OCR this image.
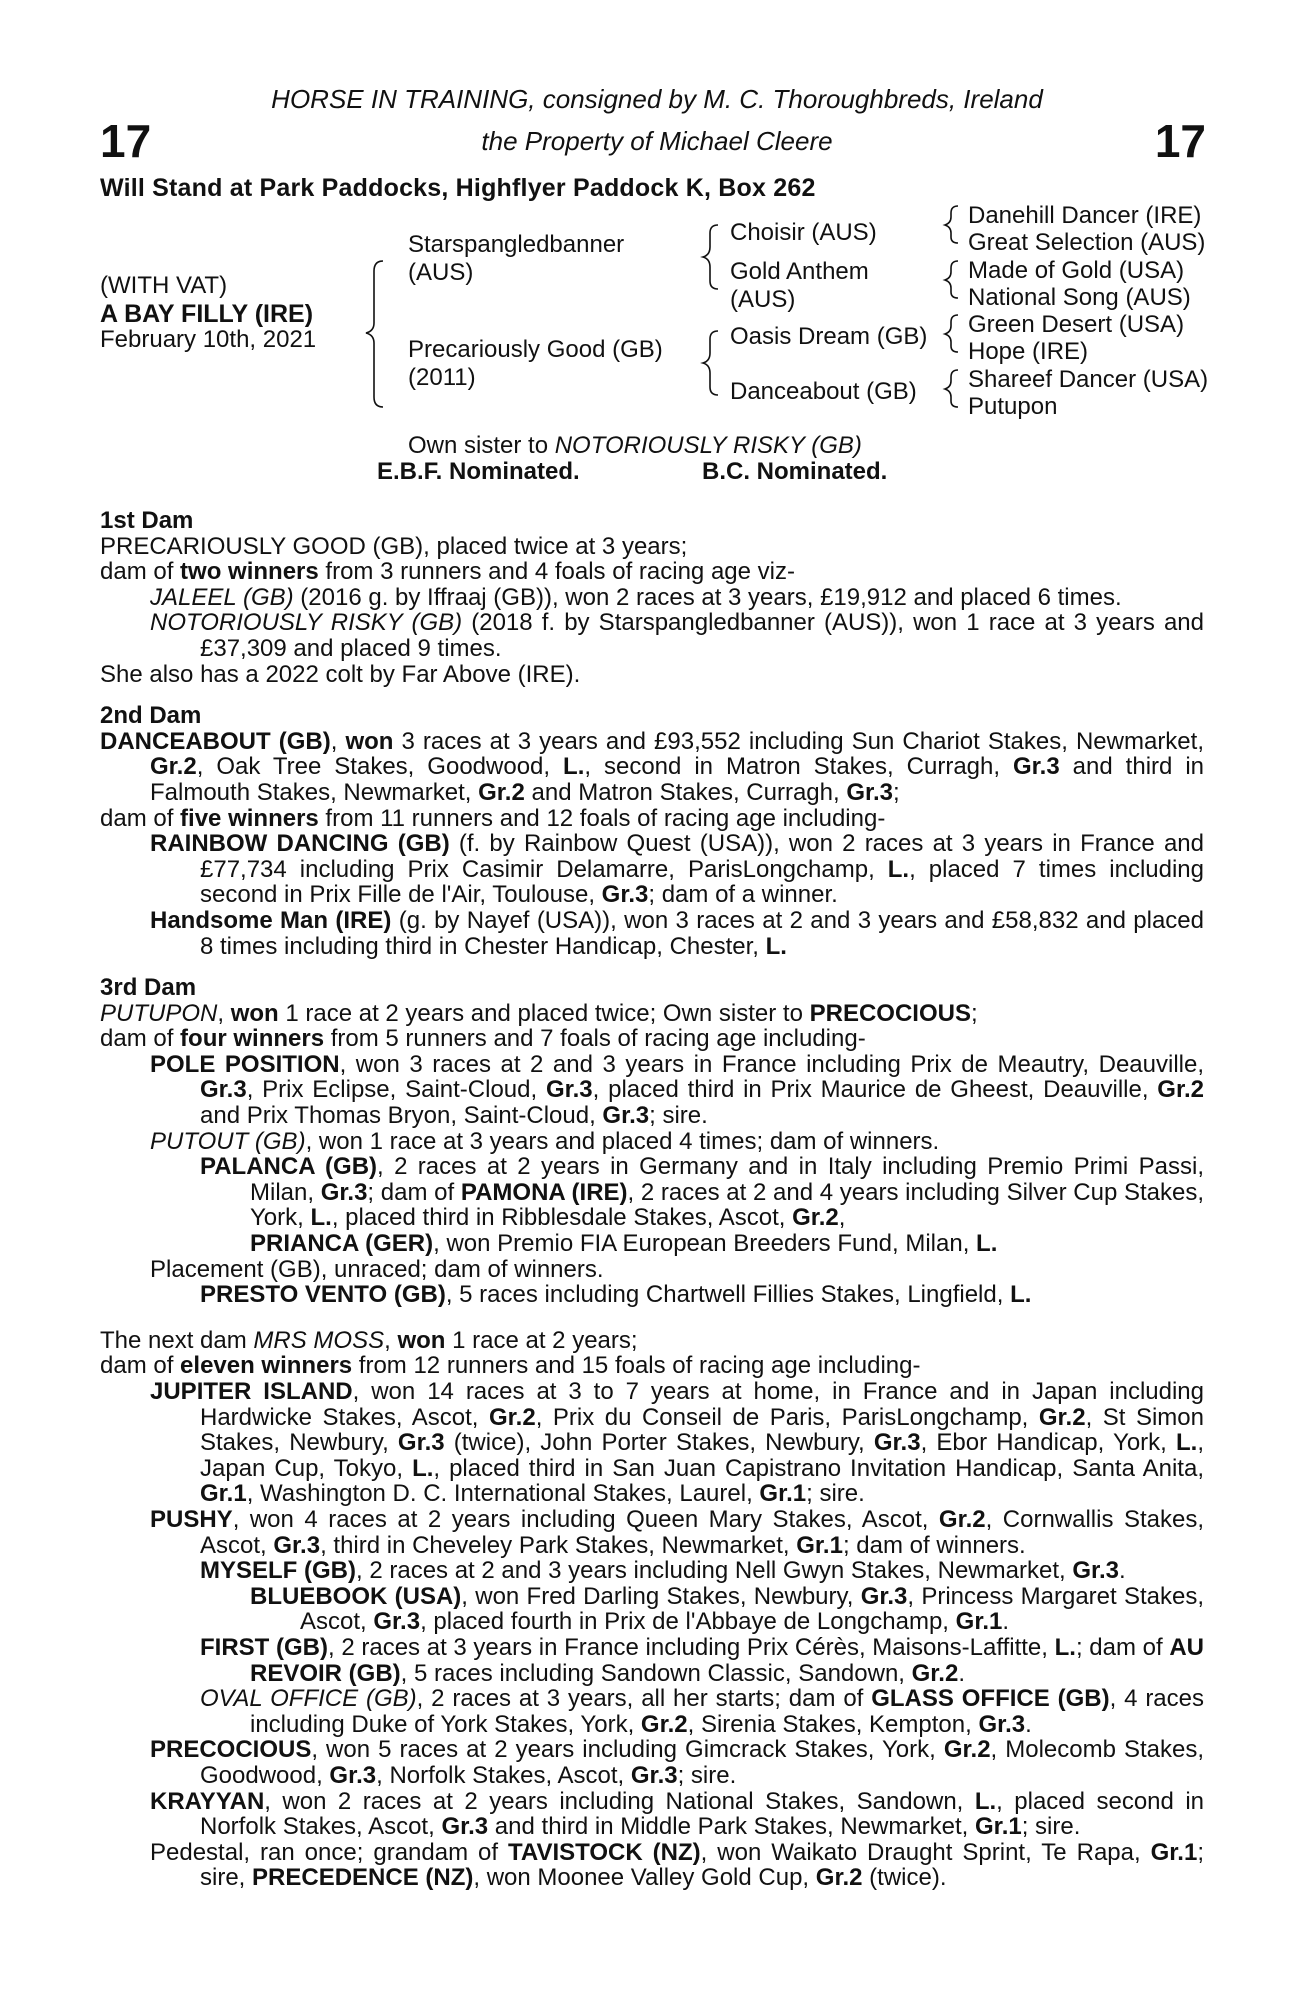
17	17
HORSE IN TRAINING, consigned by M. C. Thoroughbreds, Ireland
the Property of Michael Cleere
Will Stand at Park Paddocks, Highflyer Paddock K, Box 262
(WITH VAT)
A BAY FILLY (IRE)
February 10th, 2021
Starspangledbanner
(AUS)
Precariously Good (GB)
(2011)
Choisir (AUS)
Gold Anthem
(AUS)
Oasis Dream (GB)
Danceabout (GB)
Danehill Dancer (IRE)
Great Selection (AUS)
Made of Gold (USA)
National Song (AUS)
Green Desert (USA)
Hope (IRE)
Shareef Dancer (USA)
Putupon
Own sister to NOTORIOUSLY RISKY (GB)
E.B.F. Nominated.	B.C. Nominated.
1st Dam
PRECARIOUSLY GOOD (GB), placed twice at 3 years;
dam of two winners from 3 runners and 4 foals of racing age viz-
JALEEL (GB) (2016 g. by Iffraaj (GB)), won 2 races at 3 years, £19,912 and placed 6 times.
NOTORIOUSLY RISKY (GB) (2018 f. by Starspangledbanner (AUS)), won 1 race at 3 years and £37,309 and placed 9 times.
She also has a 2022 colt by Far Above (IRE).
2nd Dam
DANCEABOUT (GB), won 3 races at 3 years and £93,552 including Sun Chariot Stakes, Newmarket, Gr.2, Oak Tree Stakes, Goodwood, L., second in Matron Stakes, Curragh, Gr.3 and third in Falmouth Stakes, Newmarket, Gr.2 and Matron Stakes, Curragh, Gr.3;
dam of five winners from 11 runners and 12 foals of racing age including-
RAINBOW DANCING (GB) (f. by Rainbow Quest (USA)), won 2 races at 3 years in France and £77,734 including Prix Casimir Delamarre, ParisLongchamp, L., placed 7 times including second in Prix Fille de l'Air, Toulouse, Gr.3; dam of a winner.
Handsome Man (IRE) (g. by Nayef (USA)), won 3 races at 2 and 3 years and £58,832 and placed 8 times including third in Chester Handicap, Chester, L.
3rd Dam
PUTUPON, won 1 race at 2 years and placed twice; Own sister to PRECOCIOUS;
dam of four winners from 5 runners and 7 foals of racing age including-
POLE POSITION, won 3 races at 2 and 3 years in France including Prix de Meautry, Deauville, Gr.3, Prix Eclipse, Saint-Cloud, Gr.3, placed third in Prix Maurice de Gheest, Deauville, Gr.2 and Prix Thomas Bryon, Saint-Cloud, Gr.3; sire.
PUTOUT (GB), won 1 race at 3 years and placed 4 times; dam of winners.
PALANCA (GB), 2 races at 2 years in Germany and in Italy including Premio Primi Passi, Milan, Gr.3; dam of PAMONA (IRE), 2 races at 2 and 4 years including Silver Cup Stakes, York, L., placed third in Ribblesdale Stakes, Ascot, Gr.2,
PRIANCA (GER), won Premio FIA European Breeders Fund, Milan, L.
Placement (GB), unraced; dam of winners.
PRESTO VENTO (GB), 5 races including Chartwell Fillies Stakes, Lingfield, L.
The next dam MRS MOSS, won 1 race at 2 years;
dam of eleven winners from 12 runners and 15 foals of racing age including-
JUPITER ISLAND, won 14 races at 3 to 7 years at home, in France and in Japan including Hardwicke Stakes, Ascot, Gr.2, Prix du Conseil de Paris, ParisLongchamp, Gr.2, St Simon Stakes, Newbury, Gr.3 (twice), John Porter Stakes, Newbury, Gr.3, Ebor Handicap, York, L., Japan Cup, Tokyo, L., placed third in San Juan Capistrano Invitation Handicap, Santa Anita, Gr.1, Washington D. C. International Stakes, Laurel, Gr.1; sire.
PUSHY, won 4 races at 2 years including Queen Mary Stakes, Ascot, Gr.2, Cornwallis Stakes, Ascot, Gr.3, third in Cheveley Park Stakes, Newmarket, Gr.1; dam of winners.
MYSELF (GB), 2 races at 2 and 3 years including Nell Gwyn Stakes, Newmarket, Gr.3.
BLUEBOOK (USA), won Fred Darling Stakes, Newbury, Gr.3, Princess Margaret Stakes, Ascot, Gr.3, placed fourth in Prix de l'Abbaye de Longchamp, Gr.1.
FIRST (GB), 2 races at 3 years in France including Prix Cérès, Maisons-Laffitte, L.; dam of AU REVOIR (GB), 5 races including Sandown Classic, Sandown, Gr.2.
OVAL OFFICE (GB), 2 races at 3 years, all her starts; dam of GLASS OFFICE (GB), 4 races including Duke of York Stakes, York, Gr.2, Sirenia Stakes, Kempton, Gr.3.
PRECOCIOUS, won 5 races at 2 years including Gimcrack Stakes, York, Gr.2, Molecomb Stakes, Goodwood, Gr.3, Norfolk Stakes, Ascot, Gr.3; sire.
KRAYYAN, won 2 races at 2 years including National Stakes, Sandown, L., placed second in Norfolk Stakes, Ascot, Gr.3 and third in Middle Park Stakes, Newmarket, Gr.1; sire.
Pedestal, ran once; grandam of TAVISTOCK (NZ), won Waikato Draught Sprint, Te Rapa, Gr.1; sire, PRECEDENCE (NZ), won Moonee Valley Gold Cup, Gr.2 (twice).
